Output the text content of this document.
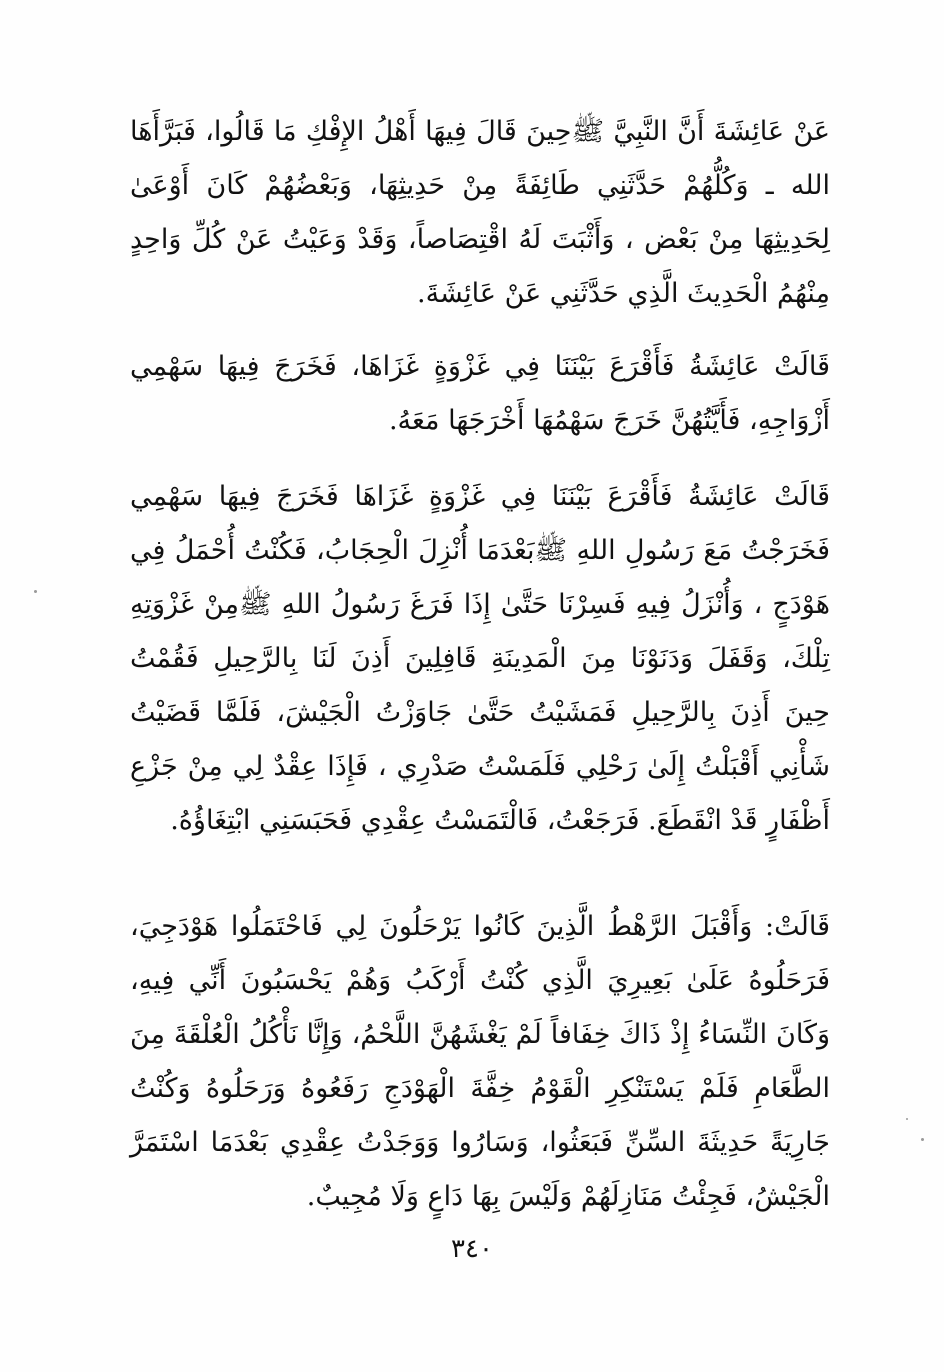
عَنْ عَائِشَةَ أَنَّ النَّبِيَّ ﷺحِينَ قَالَ فِيهَا أَهْلُ الإِفْكِ مَا قَالُوا، فَبَرَّأَهَا الله ـ وَكُلُّهُمْ حَدَّثَنِي طَائِفَةً مِنْ حَدِيثِهَا، وَبَعْضُهُمْ كَانَ أَوْعَىٰ لِحَدِيثِهَا مِنْ بَعْض ، وَأَثْبَتَ لَهُ اقْتِصَاصاً، وَقَدْ وَعَيْتُ عَنْ كُلِّ وَاحِدٍ مِنْهُمُ الْحَدِيثَ الَّذِي حَدَّثَنِي عَنْ عَائِشَةَ.

قَالَتْ عَائِشَةُ فَأَقْرَعَ بَيْنَنَا فِي غَزْوَةٍ غَزَاهَا، فَخَرَجَ فِيهَا سَهْمِي أَزْوَاجِهِ، فَأَيَّتُهُنَّ خَرَجَ سَهْمُهَا أَخْرَجَهَا مَعَهُ.

قَالَتْ عَائِشَةُ فَأَقْرَعَ بَيْنَنَا فِي غَزْوَةٍ غَزَاهَا فَخَرَجَ فِيهَا سَهْمِي فَخَرَجْتُ مَعَ رَسُولِ اللهِ ﷺبَعْدَمَا أُنْزِلَ الْحِجَابُ، فَكُنْتُ أُحْمَلُ فِي هَوْدَجٍ ، وَأُنْزَلُ فِيهِ فَسِرْنَا حَتَّىٰ إِذَا فَرَغَ رَسُولُ اللهِ ﷺمِنْ غَزْوَتِهِ تِلْكَ، وَقَفَلَ وَدَنَوْنَا مِنَ الْمَدِينَةِ قَافِلِينَ أَذِنَ لَنَا بِالرَّحِيلِ فَقُمْتُ حِينَ أَذِنَ بِالرَّحِيلِ فَمَشَيْتُ حَتَّىٰ جَاوَزْتُ الْجَيْشَ، فَلَمَّا قَضَيْتُ شَأْنِي أَقْبَلْتُ إِلَىٰ رَحْلِي فَلَمَسْتُ صَدْرِي ، فَإِذَا عِقْدٌ لِي مِنْ جَزْعِ أَظْفَارٍ قَدْ انْقَطَعَ. فَرَجَعْتُ، فَالْتَمَسْتُ عِقْدِي فَحَبَسَنِي ابْتِغَاؤُهُ.

قَالَتْ: وَأَقْبَلَ الرَّهْطُ الَّذِينَ كَانُوا يَرْحَلُونَ لِي فَاحْتَمَلُوا هَوْدَجِيَ، فَرَحَلُوهُ عَلَىٰ بَعِيرِيَ الَّذِي كُنْتُ أَرْكَبُ وَهُمْ يَحْسَبُونَ أَنِّي فِيهِ، وَكَانَ النِّسَاءُ إِذْ ذَاكَ خِفَافاً لَمْ يَغْشَهُنَّ اللَّحْمُ، وَإِنَّا نَأْكُلُ الْعُلْقَةَ مِنَ الطَّعَامِ فَلَمْ يَسْتَنْكِرِ الْقَوْمُ خِفَّةَ الْهَوْدَجِ رَفَعُوهُ وَرَحَلُوهُ وَكُنْتُ جَارِيَةً حَدِيثَةَ السِّنِّ فَبَعَثُوا، وَسَارُوا وَوَجَدْتُ عِقْدِي بَعْدَمَا اسْتَمَرَّ الْجَيْشُ، فَجِئْتُ مَنَازِلَهُمْ وَلَيْسَ بِهَا دَاعٍ وَلَا مُجِيبٌ.

٣٤٠
